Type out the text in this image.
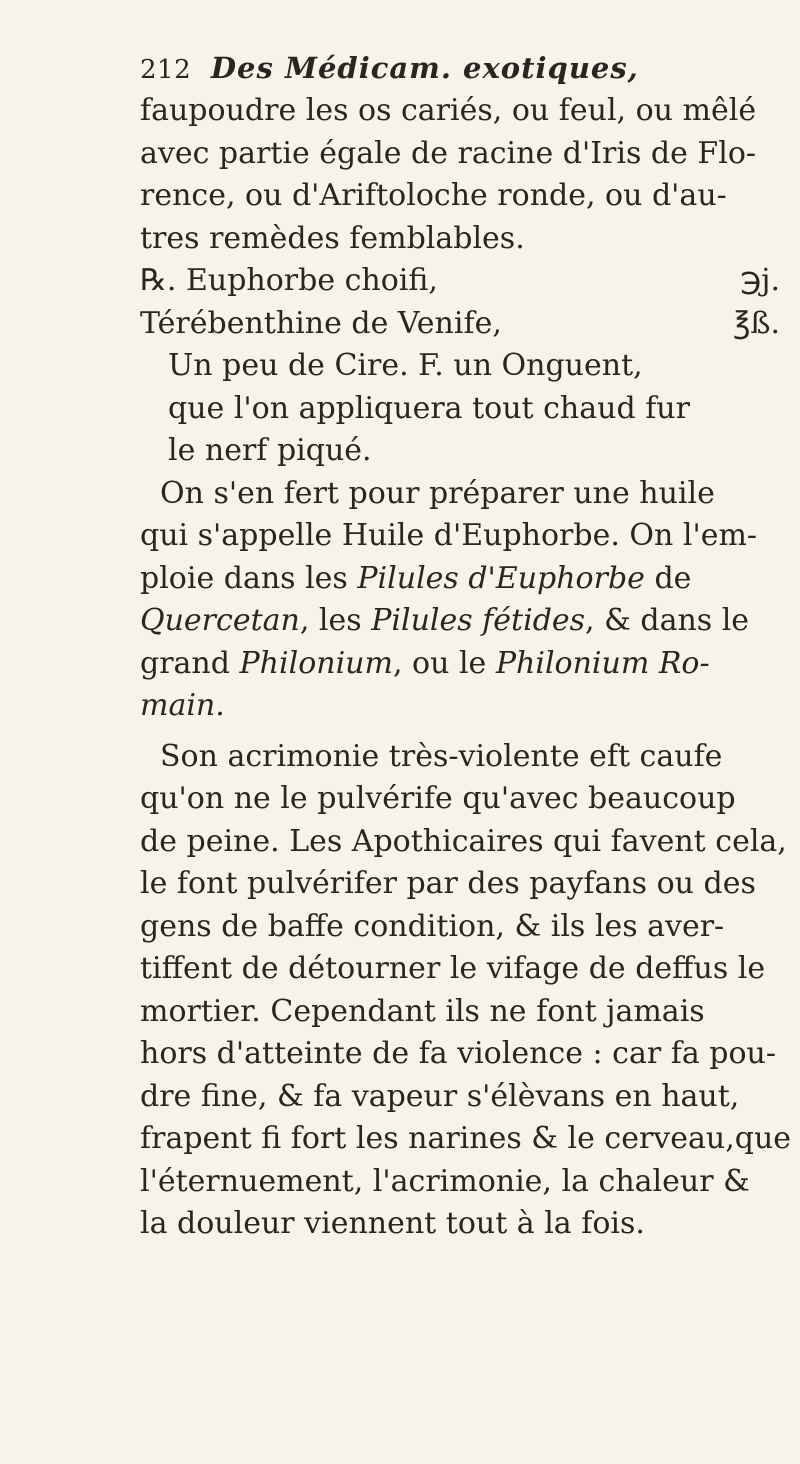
212 Des Médicam. exotiques,
faupoudre les os cariés, ou feul, ou mêlé
avec partie égale de racine d'Iris de Flo-
rence, ou d'Ariftoloche ronde, ou d'au-
tres remèdes femblables.
℞. Euphorbe choifi,	℈j.
Térébenthine de Venife,	℥ß.
Un peu de Cire. F. un Onguent,
que l'on appliquera tout chaud fur
le nerf piqué.
On s'en fert pour préparer une huile
qui s'appelle Huile d'Euphorbe. On l'em-
ploie dans les Pilules d'Euphorbe de
Quercetan, les Pilules fétides, & dans le
grand Philonium, ou le Philonium Ro-
main.
Son acrimonie très-violente eft caufe
qu'on ne le pulvérife qu'avec beaucoup
de peine. Les Apothicaires qui favent cela,
le font pulvérifer par des payfans ou des
gens de baffe condition, & ils les aver-
tiffent de détourner le vifage de deffus le
mortier. Cependant ils ne font jamais
hors d'atteinte de fa violence : car fa pou-
dre fine, & fa vapeur s'élèvans en haut,
frapent fi fort les narines & le cerveau,que
l'éternuement, l'acrimonie, la chaleur &
la douleur viennent tout à la fois.
